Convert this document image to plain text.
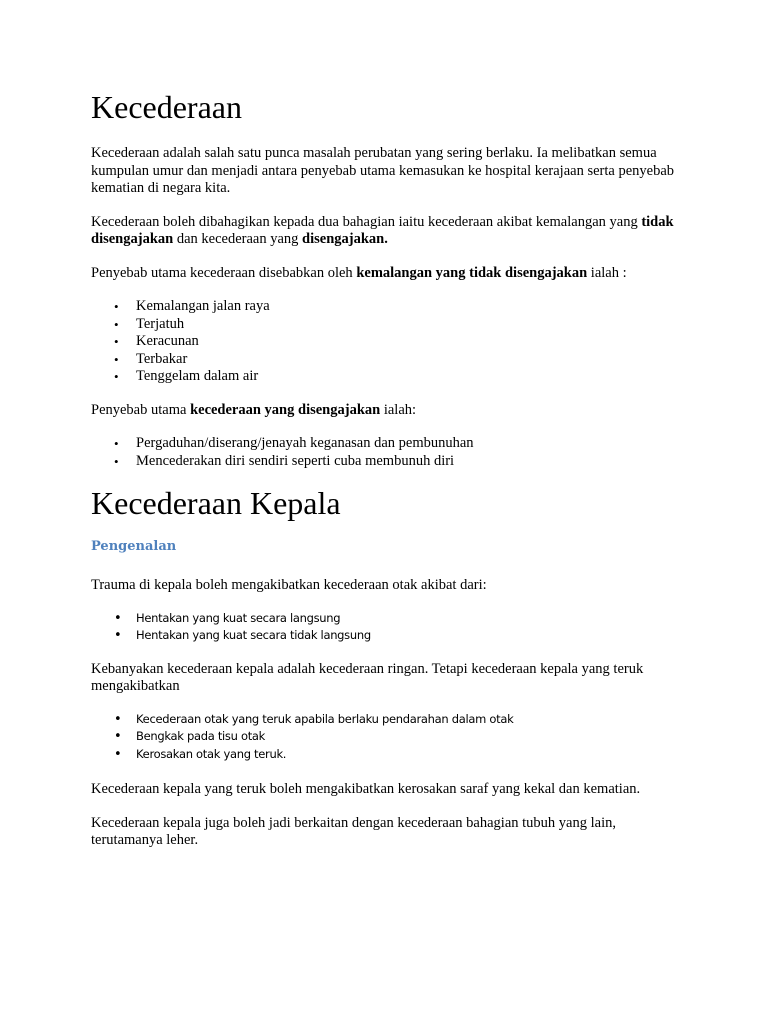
Kecederaan

Kecederaan adalah salah satu punca masalah perubatan yang sering berlaku. Ia melibatkan semua kumpulan umur dan menjadi antara penyebab utama kemasukan ke hospital kerajaan serta penyebab kematian di negara kita.

Kecederaan boleh dibahagikan kepada dua bahagian iaitu kecederaan akibat kemalangan yang tidak disengajakan dan kecederaan yang disengajakan.

Penyebab utama kecederaan disebabkan oleh kemalangan yang tidak disengajakan ialah :

• Kemalangan jalan raya
• Terjatuh
• Keracunan
• Terbakar
• Tenggelam dalam air

Penyebab utama kecederaan yang disengajakan ialah:

• Pergaduhan/diserang/jenayah keganasan dan pembunuhan
• Mencederakan diri sendiri seperti cuba membunuh diri
Kecederaan Kepala
Pengenalan

Trauma di kepala boleh mengakibatkan kecederaan otak akibat dari:

• Hentakan yang kuat secara langsung
• Hentakan yang kuat secara tidak langsung

Kebanyakan kecederaan kepala adalah kecederaan ringan. Tetapi kecederaan kepala yang teruk mengakibatkan

• Kecederaan otak yang teruk apabila berlaku pendarahan dalam otak
• Bengkak pada tisu otak
• Kerosakan otak yang teruk.

Kecederaan kepala yang teruk boleh mengakibatkan kerosakan saraf yang kekal dan kematian.

Kecederaan kepala juga boleh jadi berkaitan dengan kecederaan bahagian tubuh yang lain, terutamanya leher.
